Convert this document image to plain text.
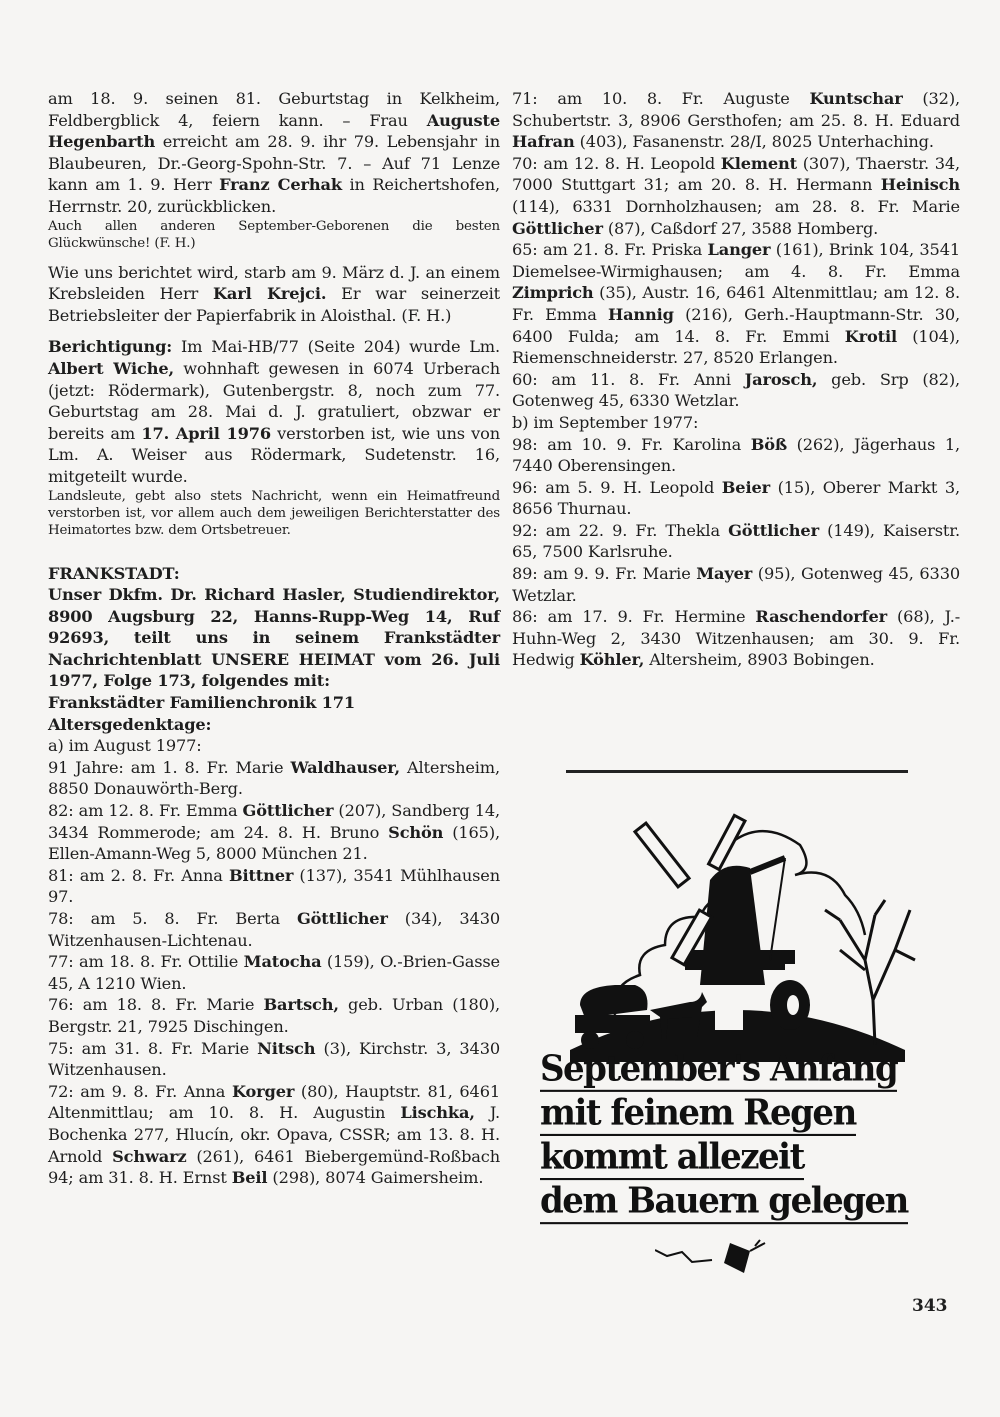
am 18. 9. seinen 81. Geburtstag in Kelkheim, Feldbergblick 4, feiern kann. – Frau Auguste Hegenbarth erreicht am 28. 9. ihr 79. Lebensjahr in Blaubeuren, Dr.-Georg-Spohn-Str. 7. – Auf 71 Lenze kann am 1. 9. Herr Franz Cerhak in Reichertshofen, Herrnstr. 20, zurückblicken.

Auch allen anderen September-Geborenen die besten Glückwünsche! (F. H.)

Wie uns berichtet wird, starb am 9. März d. J. an einem Krebsleiden Herr Karl Krejci. Er war seinerzeit Betriebsleiter der Papierfabrik in Aloisthal. (F. H.)

Berichtigung: Im Mai-HB/77 (Seite 204) wurde Lm. Albert Wiche, wohnhaft gewesen in 6074 Urberach (jetzt: Rödermark), Gutenbergstr. 8, noch zum 77. Geburtstag am 28. Mai d. J. gratuliert, obzwar er bereits am 17. April 1976 verstorben ist, wie uns von Lm. A. Weiser aus Rödermark, Sudetenstr. 16, mitgeteilt wurde.

Landsleute, gebt also stets Nachricht, wenn ein Heimatfreund verstorben ist, vor allem auch dem jeweiligen Berichterstatter des Heimatortes bzw. dem Ortsbetreuer.

FRANKSTADT:

Unser Dkfm. Dr. Richard Hasler, Studiendirektor, 8900 Augsburg 22, Hanns-Rupp-Weg 14, Ruf 92693, teilt uns in seinem Frankstädter Nachrichtenblatt UNSERE HEIMAT vom 26. Juli 1977, Folge 173, folgendes mit:

Frankstädter Familienchronik 171

Altersgedenktage:

a) im August 1977:

91 Jahre: am 1. 8. Fr. Marie Waldhauser, Altersheim, 8850 Donauwörth-Berg.

82: am 12. 8. Fr. Emma Göttlicher (207), Sandberg 14, 3434 Rommerode; am 24. 8. H. Bruno Schön (165), Ellen-Amann-Weg 5, 8000 München 21.

81: am 2. 8. Fr. Anna Bittner (137), 3541 Mühlhausen 97.

78: am 5. 8. Fr. Berta Göttlicher (34), 3430 Witzenhausen-Lichtenau.

77: am 18. 8. Fr. Ottilie Matocha (159), O.-Brien-Gasse 45, A 1210 Wien.

76: am 18. 8. Fr. Marie Bartsch, geb. Urban (180), Bergstr. 21, 7925 Dischingen.

75: am 31. 8. Fr. Marie Nitsch (3), Kirchstr. 3, 3430 Witzenhausen.

72: am 9. 8. Fr. Anna Korger (80), Hauptstr. 81, 6461 Altenmittlau; am 10. 8. H. Augustin Lischka, J. Bochenka 277, Hlucín, okr. Opava, CSSR; am 13. 8. H. Arnold Schwarz (261), 6461 Biebergemünd-Roßbach 94; am 31. 8. H. Ernst Beil (298), 8074 Gaimersheim.

71: am 10. 8. Fr. Auguste Kuntschar (32), Schubertstr. 3, 8906 Gersthofen; am 25. 8. H. Eduard Hafran (403), Fasanenstr. 28/I, 8025 Unterhaching.

70: am 12. 8. H. Leopold Klement (307), Thaerstr. 34, 7000 Stuttgart 31; am 20. 8. H. Hermann Heinisch (114), 6331 Dornholzhausen; am 28. 8. Fr. Marie Göttlicher (87), Caßdorf 27, 3588 Homberg.

65: am 21. 8. Fr. Priska Langer (161), Brink 104, 3541 Diemelsee-Wirmighausen; am 4. 8. Fr. Emma Zimprich (35), Austr. 16, 6461 Altenmittlau; am 12. 8. Fr. Emma Hannig (216), Gerh.-Hauptmann-Str. 30, 6400 Fulda; am 14. 8. Fr. Emmi Krotil (104), Riemenschneiderstr. 27, 8520 Erlangen.

60: am 11. 8. Fr. Anni Jarosch, geb. Srp (82), Gotenweg 45, 6330 Wetzlar.

b) im September 1977:

98: am 10. 9. Fr. Karolina Böß (262), Jägerhaus 1, 7440 Oberensingen.

96: am 5. 9. H. Leopold Beier (15), Oberer Markt 3, 8656 Thurnau.

92: am 22. 9. Fr. Thekla Göttlicher (149), Kaiserstr. 65, 7500 Karlsruhe.

89: am 9. 9. Fr. Marie Mayer (95), Gotenweg 45, 6330 Wetzlar.

86: am 17. 9. Fr. Hermine Raschendorfer (68), J.-Huhn-Weg 2, 3430 Witzenhausen; am 30. 9. Fr. Hedwig Köhler, Altersheim, 8903 Bobingen.

September's Anfang
mit feinem Regen
kommt allezeit
dem Bauern gelegen
343
